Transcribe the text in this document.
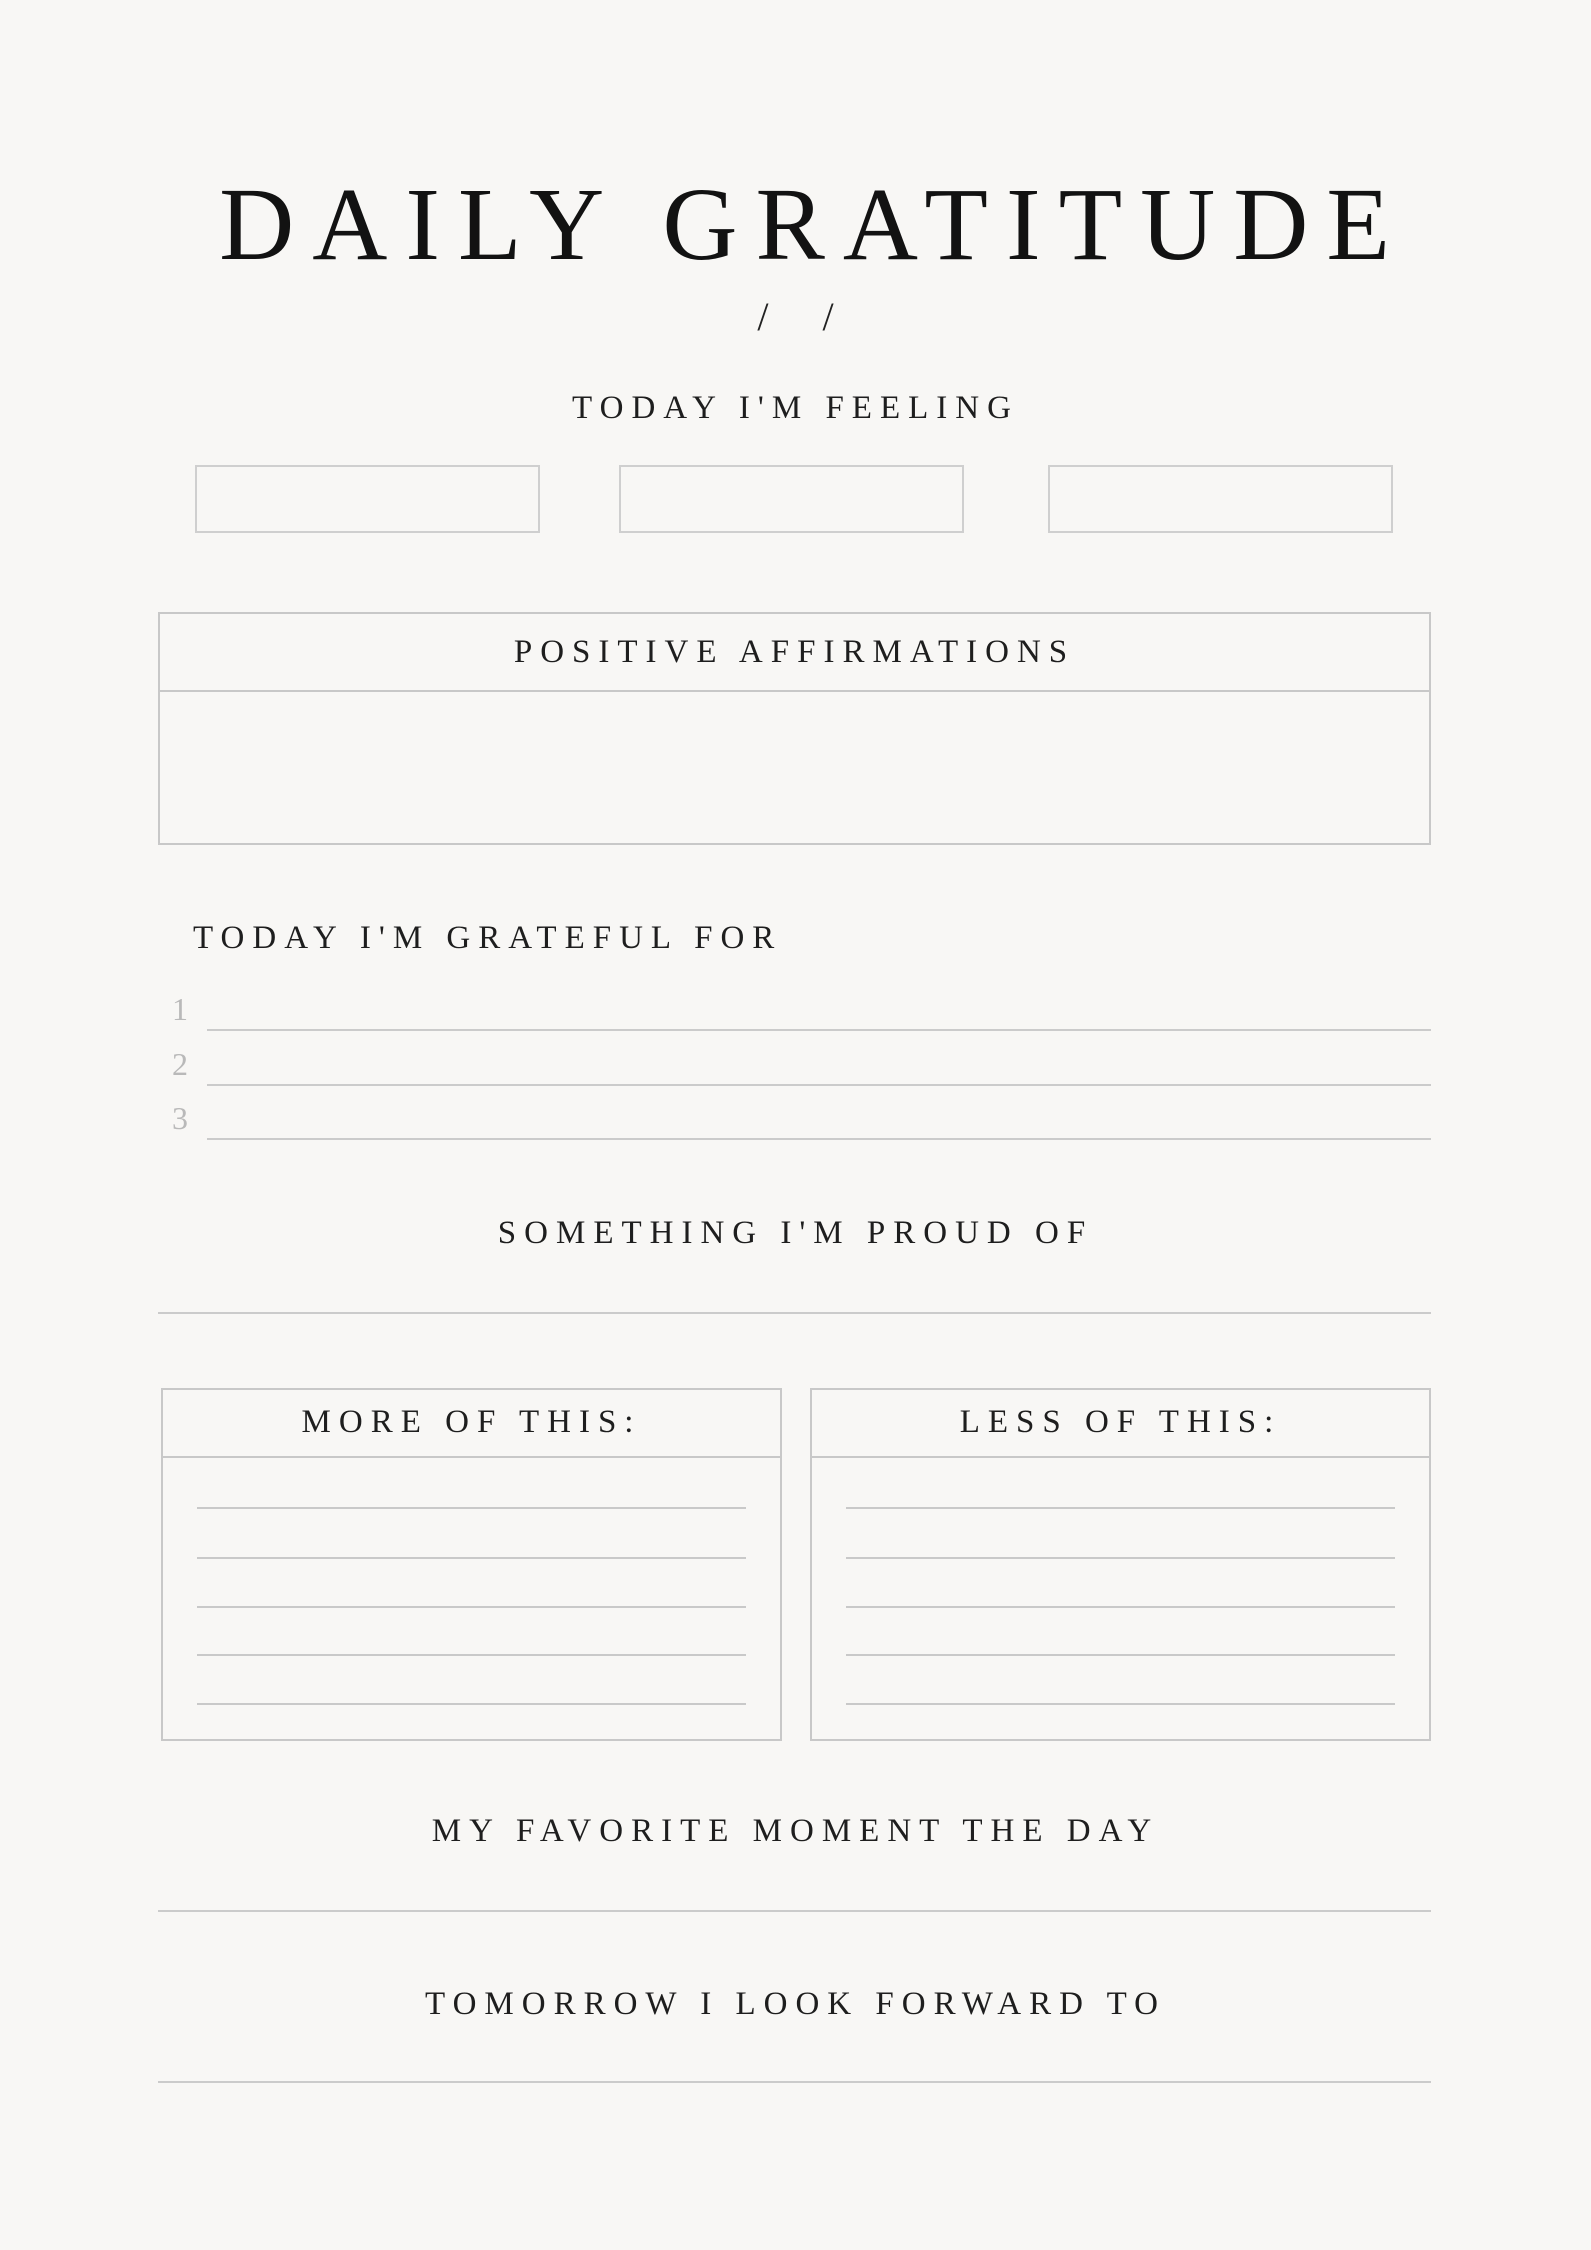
DAILY GRATITUDE
/ /
TODAY I'M FEELING
POSITIVE AFFIRMATIONS
TODAY I'M GRATEFUL FOR
1
2
3
SOMETHING I'M PROUD OF
MORE OF THIS:	LESS OF THIS:
MY FAVORITE MOMENT THE DAY
TOMORROW I LOOK FORWARD TO
